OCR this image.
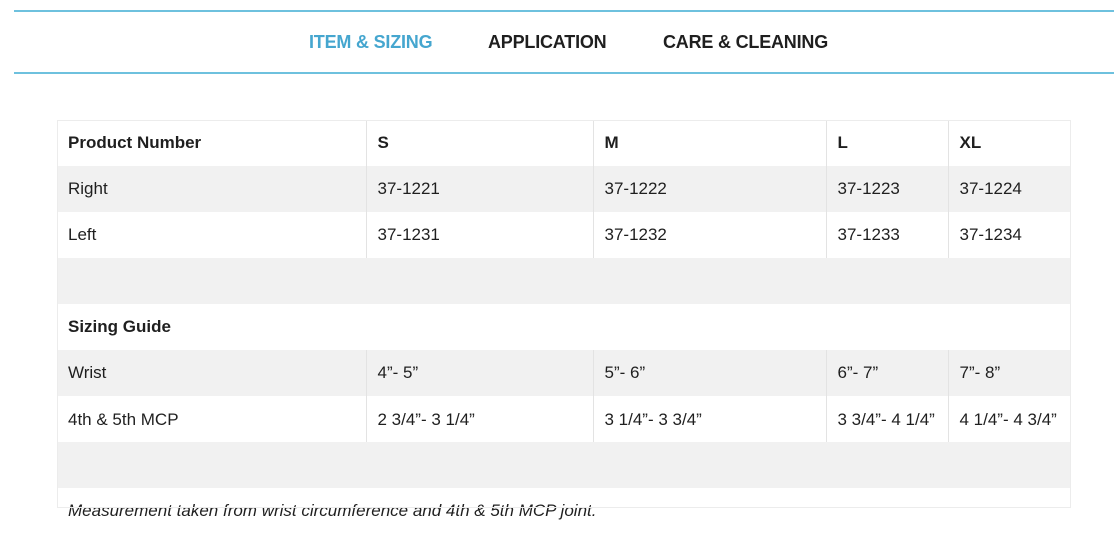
ITEM & SIZING	APPLICATION	CARE & CLEANING
Product Number	S	M	L	XL
Right	37-1221	37-1222	37-1223	37-1224
Left	37-1231	37-1232	37-1233	37-1234

Sizing Guide				
Wrist	4”- 5”	5”- 6”	6”- 7”	7”- 8”
4th & 5th MCP	2 3/4”- 3 1/4”	3 1/4”- 3 3/4”	3 3/4”- 4 1/4”	4 1/4”- 4 3/4”

Measurement taken from wrist circumference and 4th & 5th MCP joint.				
